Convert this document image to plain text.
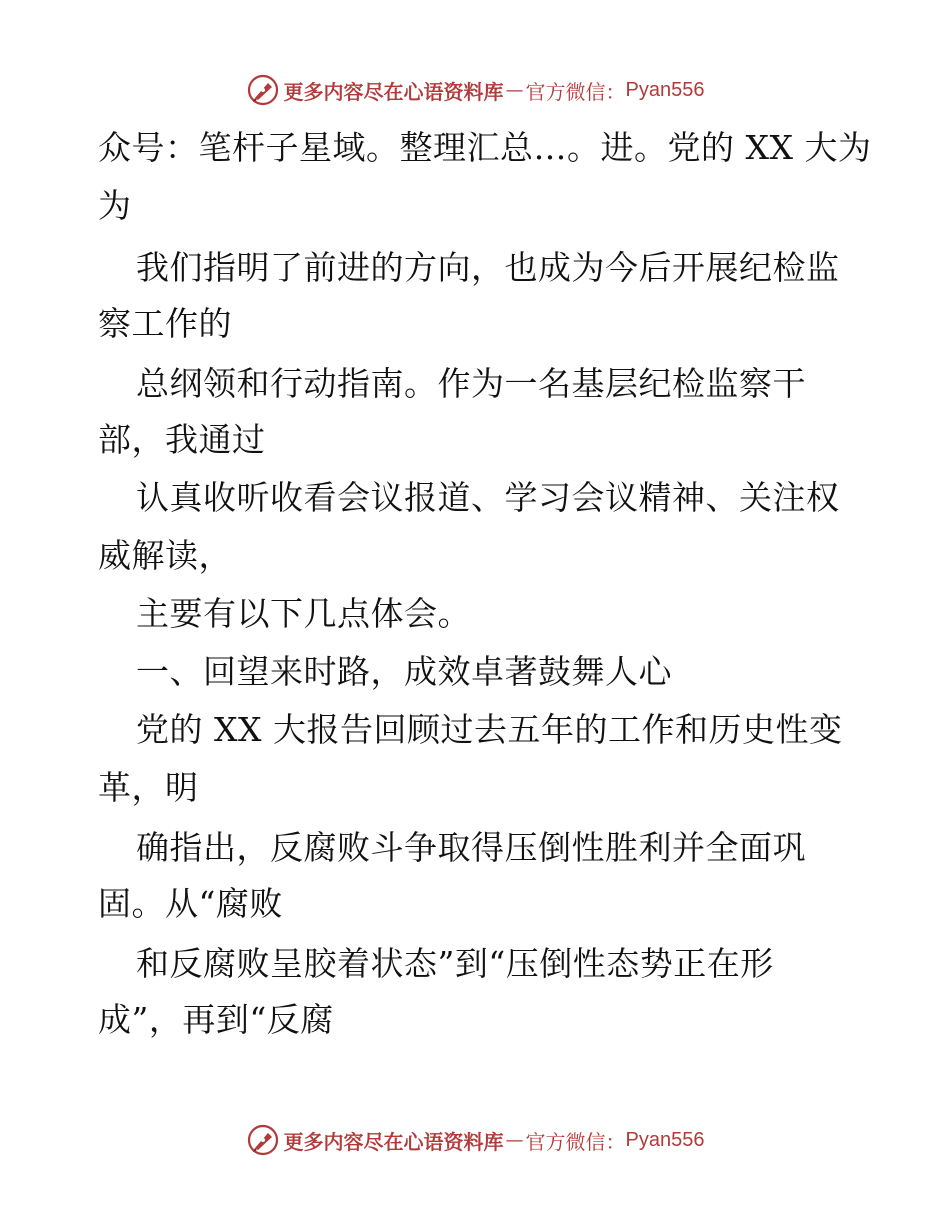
更多内容尽在心语资料库 — 官方微信： Pyan556
众号：笔杆子星域。整理汇总…。进。党的 XX 大为
为
我们指明了前进的方向，也成为今后开展纪检监
察工作的
总纲领和行动指南。作为一名基层纪检监察干
部，我通过
认真收听收看会议报道、学习会议精神、关注权
威解读，
主要有以下几点体会。
一、回望来时路，成效卓著鼓舞人心
党的 XX 大报告回顾过去五年的工作和历史性变
革，明
确指出，反腐败斗争取得压倒性胜利并全面巩
固。从“腐败
和反腐败呈胶着状态”到“压倒性态势正在形
成”，再到“反腐
更多内容尽在心语资料库 — 官方微信： Pyan556
